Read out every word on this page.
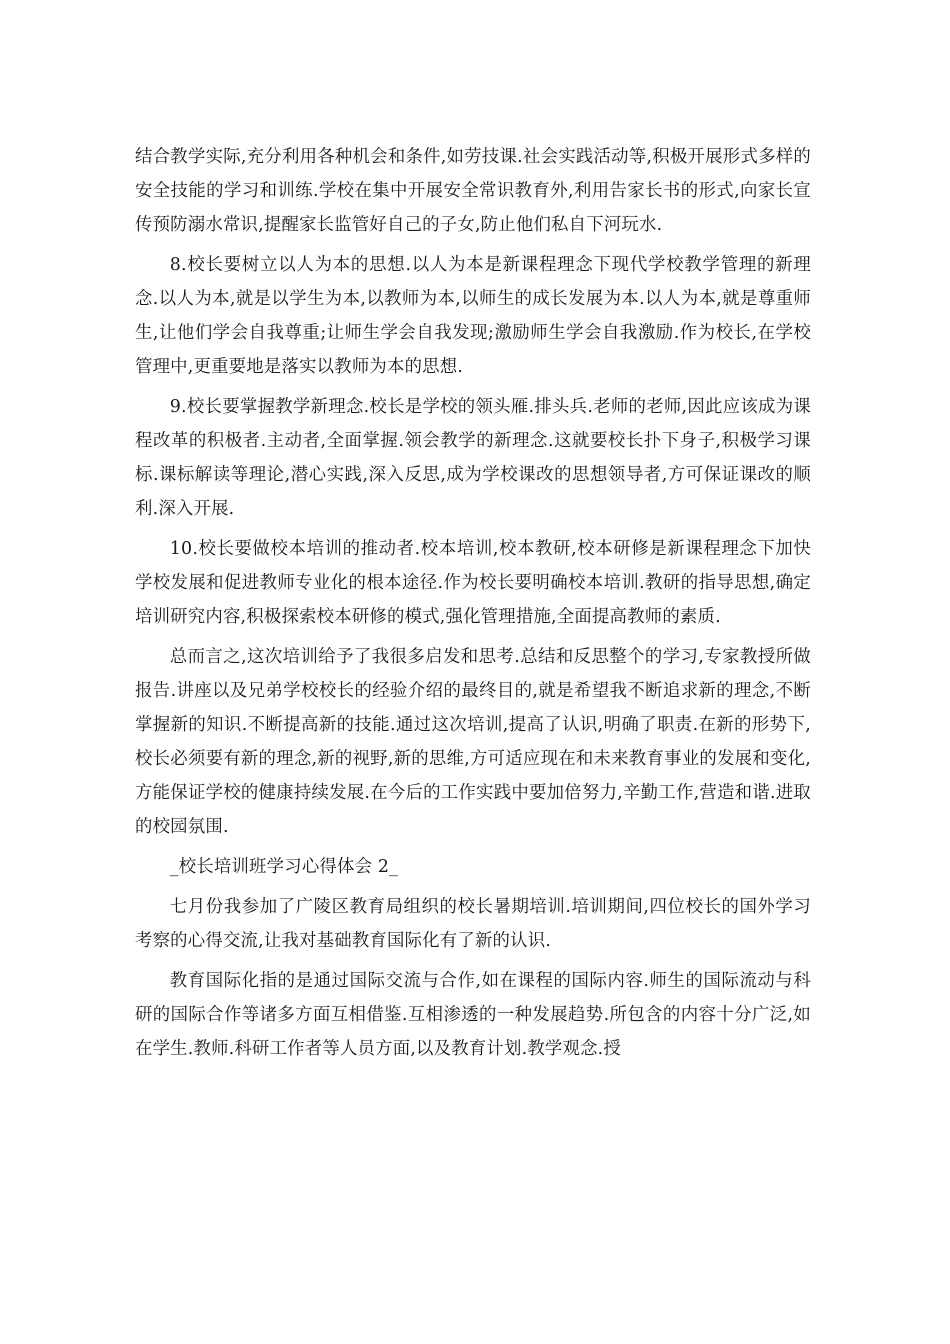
结合教学实际,充分利用各种机会和条件,如劳技课.社会实践活动等,积极开展形式多样的安全技能的学习和训练.学校在集中开展安全常识教育外,利用告家长书的形式,向家长宣传预防溺水常识,提醒家长监管好自己的子女,防止他们私自下河玩水.

8.校长要树立以人为本的思想.以人为本是新课程理念下现代学校教学管理的新理念.以人为本,就是以学生为本,以教师为本,以师生的成长发展为本.以人为本,就是尊重师生,让他们学会自我尊重;让师生学会自我发现;激励师生学会自我激励.作为校长,在学校管理中,更重要地是落实以教师为本的思想.

9.校长要掌握教学新理念.校长是学校的领头雁.排头兵.老师的老师,因此应该成为课程改革的积极者.主动者,全面掌握.领会教学的新理念.这就要校长扑下身子,积极学习课标.课标解读等理论,潜心实践,深入反思,成为学校课改的思想领导者,方可保证课改的顺利.深入开展.

10.校长要做校本培训的推动者.校本培训,校本教研,校本研修是新课程理念下加快学校发展和促进教师专业化的根本途径.作为校长要明确校本培训.教研的指导思想,确定培训研究内容,积极探索校本研修的模式,强化管理措施,全面提高教师的素质.

总而言之,这次培训给予了我很多启发和思考.总结和反思整个的学习,专家教授所做报告.讲座以及兄弟学校校长的经验介绍的最终目的,就是希望我不断追求新的理念,不断掌握新的知识.不断提高新的技能.通过这次培训,提高了认识,明确了职责.在新的形势下,校长必须要有新的理念,新的视野,新的思维,方可适应现在和未来教育事业的发展和变化,方能保证学校的健康持续发展.在今后的工作实践中要加倍努力,辛勤工作,营造和谐.进取的校园氛围.

_校长培训班学习心得体会 2_

七月份我参加了广陵区教育局组织的校长暑期培训.培训期间,四位校长的国外学习考察的心得交流,让我对基础教育国际化有了新的认识.

教育国际化指的是通过国际交流与合作,如在课程的国际内容.师生的国际流动与科研的国际合作等诸多方面互相借鉴.互相渗透的一种发展趋势.所包含的内容十分广泛,如在学生.教师.科研工作者等人员方面,以及教育计划.教学观念.授
